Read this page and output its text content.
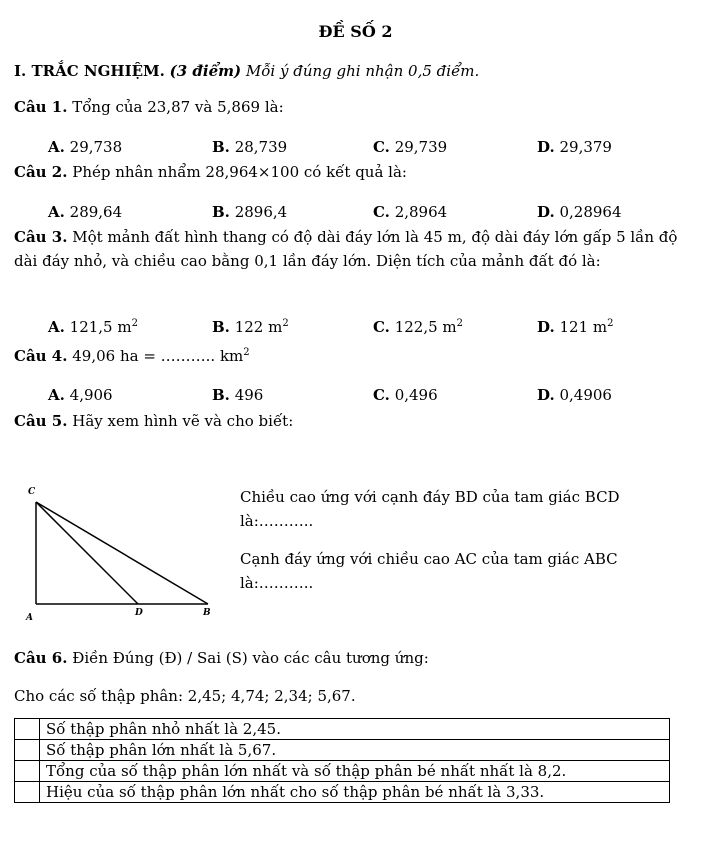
ĐỀ SỐ 2
I. TRẮC NGHIỆM. (3 điểm) Mỗi ý đúng ghi nhận 0,5 điểm.
Câu 1. Tổng của 23,87 và 5,869 là:
A. 29,738	B. 28,739	C. 29,739	D. 29,379
Câu 2. Phép nhân nhẩm 28,964×100 có kết quả là:
A. 289,64	B. 2896,4	C. 2,8964	D. 0,28964
Câu 3. Một mảnh đất hình thang có độ dài đáy lớn là 45 m, độ dài đáy lớn gấp 5 lần độ dài đáy nhỏ, và chiều cao bằng 0,1 lần đáy lớn. Diện tích của mảnh đất đó là:
A. 121,5 $m^2$	B. 122 $m^2$	C. 122,5 $m^2$	D. 121 $m^2$
Câu 4. 49,06 ha = ……….. $km^2$
A. 4,906	B. 496	C. 0,496	D. 0,4906
Câu 5. Hãy xem hình vẽ và cho biết:
C
A	D	B
Chiều cao ứng với cạnh đáy BD của tam giác BCD
là:………..
Cạnh đáy ứng với chiều cao AC của tam giác ABC
là:………..
Câu 6. Điền Đúng (Đ) / Sai (S) vào các câu tương ứng:
Cho các số thập phân: 2,45; 4,74; 2,34; 5,67.
	Số thập phân nhỏ nhất là 2,45.
	Số thập phân lớn nhất là 5,67.
	Tổng của số thập phân lớn nhất và số thập phân bé nhất nhất là 8,2.
	Hiệu của số thập phân lớn nhất cho số thập phân bé nhất là 3,33.
